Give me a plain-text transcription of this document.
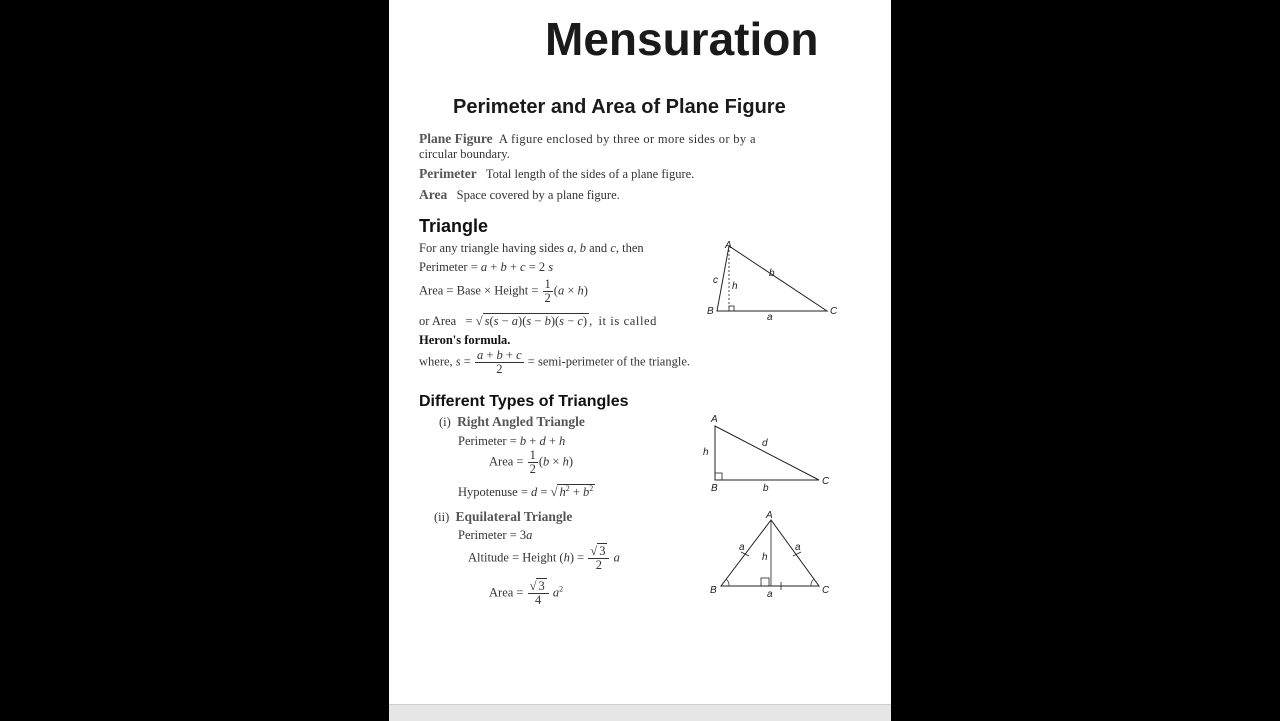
Mensuration
Perimeter and Area of Plane Figure
Plane Figure A figure enclosed by three or more sides or by a
circular boundary.
Perimeter Total length of the sides of a plane figure.
Area Space covered by a plane figure.
Triangle
For any triangle having sides a, b and c, then
Perimeter = a + b + c = 2 s
Area = Base × Height = $\frac{1}{2} (a \times h)$
or Area   = √ s(s − a)(s − b)(s − c) ,  it is called
Heron's formula.
where, $s = \frac{a + b + c}{2}$ = semi-perimeter of the triangle.
A
B	C
c
h
b
a
Different Types of Triangles
(i) Right Angled Triangle
Perimeter = b + d + h
Area = $\frac{1}{2} (b \times h)$
Hypotenuse = d = √ $h^2 + b^2$
A
B
C
h
d
b
(ii) Equilateral Triangle
Perimeter = 3a
Altitude = Height $(h) = \frac{√ 3}{2}$ a
Area = $\frac{√ 3}{4} a^2$
A
B	C
a	a
h
a
